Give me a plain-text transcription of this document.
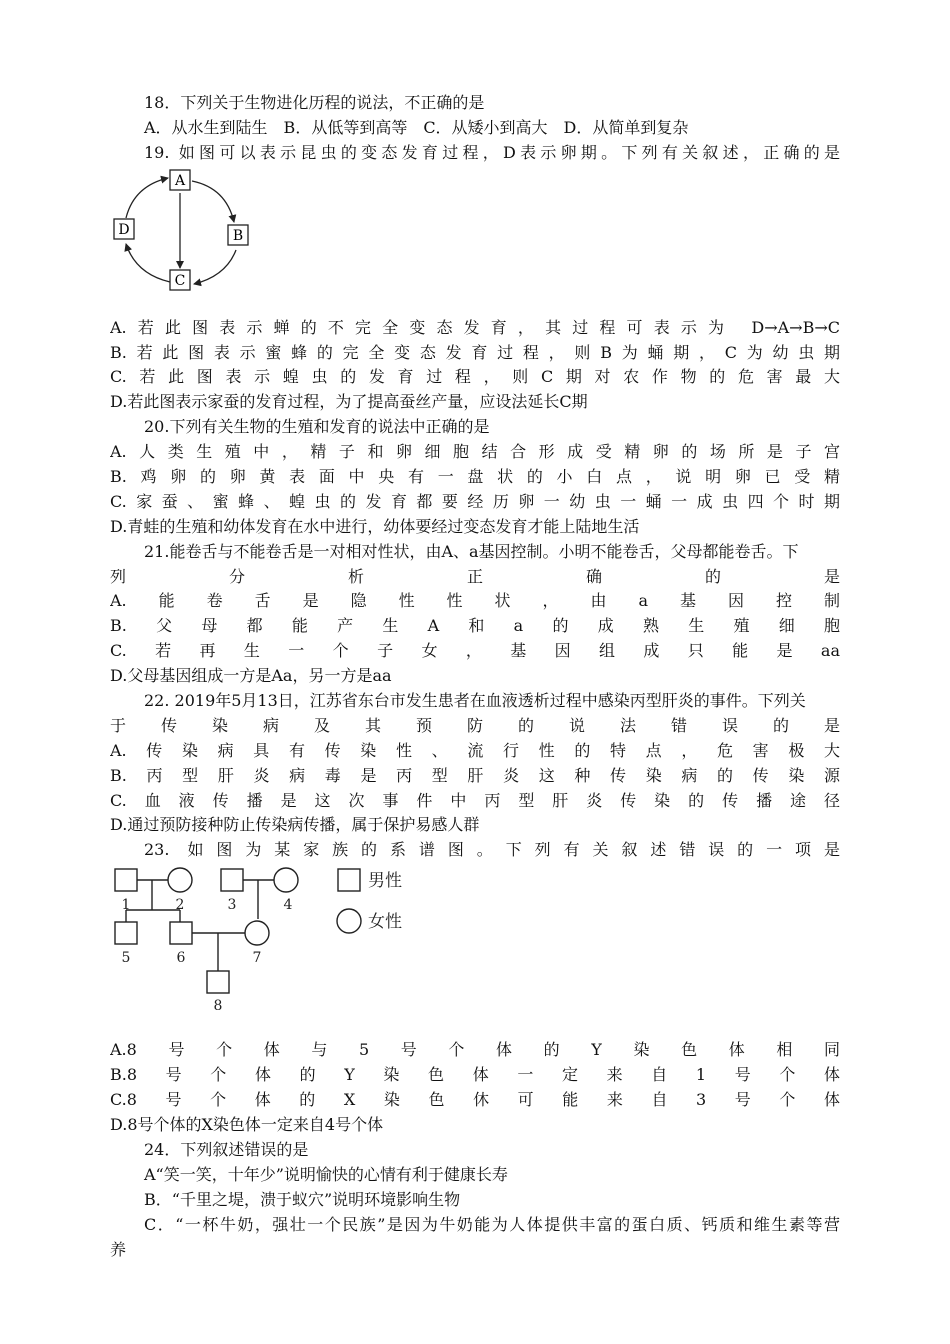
18．下列关于生物进化历程的说法，不正确的是
A．从水生到陆生　B．从低等到高等　C．从矮小到高大　D．从简单到复杂
19. 如图可以表示昆虫的变态发育过程，D表示卵期。下列有关叙述，正确的是
A
B
C
D
A.若此图表示蝉的不完全变态发育，其过程可表示为 D→A→B→C
B.若此图表示蜜蜂的完全变态发育过程，则B为蛹期，C为幼虫期
C.若此图表示蝗虫的发育过程，则C期对农作物的危害最大
D.若此图表示家蚕的发育过程，为了提高蚕丝产量，应设法延长C期
20.下列有关生物的生殖和发育的说法中正确的是
A.人类生殖中，精子和卵细胞结合形成受精卵的场所是子宫
B.鸡卵的卵黄表面中央有一盘状的小白点，说明卵已受精
C.家蚕、蜜蜂、蝗虫的发育都要经历卵一幼虫一蛹一成虫四个时期
D.青蛙的生殖和幼体发育在水中进行，幼体要经过变态发育才能上陆地生活
21.能卷舌与不能卷舌是一对相对性状，由A、a基因控制。小明不能卷舌，父母都能卷舌。下
列分析正确的是
A.能卷舌是隐性性状，由a基因控制
B.父母都能产生A和a的成熟生殖细胞
C.若再生一个子女，基因组成只能是aa
D.父母基因组成一方是Aa，另一方是aa
22. 2019年5月13日，江苏省东台市发生患者在血液透析过程中感染丙型肝炎的事件。下列关
于传染病及其预防的说法错误的是
A.传染病具有传染性、流行性的特点，危害极大
B.丙型肝炎病毒是丙型肝炎这种传染病的传染源
C.血液传播是这次事件中丙型肝炎传染的传播途径
D.通过预防接种防止传染病传播，属于保护易感人群
23. 如图为某家族的系谱图。下列有关叙述错误的一项是
1	2	3	4
5	6	7
8
男性
女性
A.8号个体与5号个体的Y染色体相同
B.8号个体的Y染色体一定来自1号个体
C.8号个体的X染色休可能来自3号个体
D.8号个体的X染色体一定来自4号个体
24．下列叙述错误的是
A“笑一笑，十年少”说明愉快的心情有利于健康长寿
B．“千里之堤，溃于蚁穴”说明环境影响生物
C．“一杯牛奶，强壮一个民族”是因为牛奶能为人体提供丰富的蛋白质、钙质和维生素等营
养
